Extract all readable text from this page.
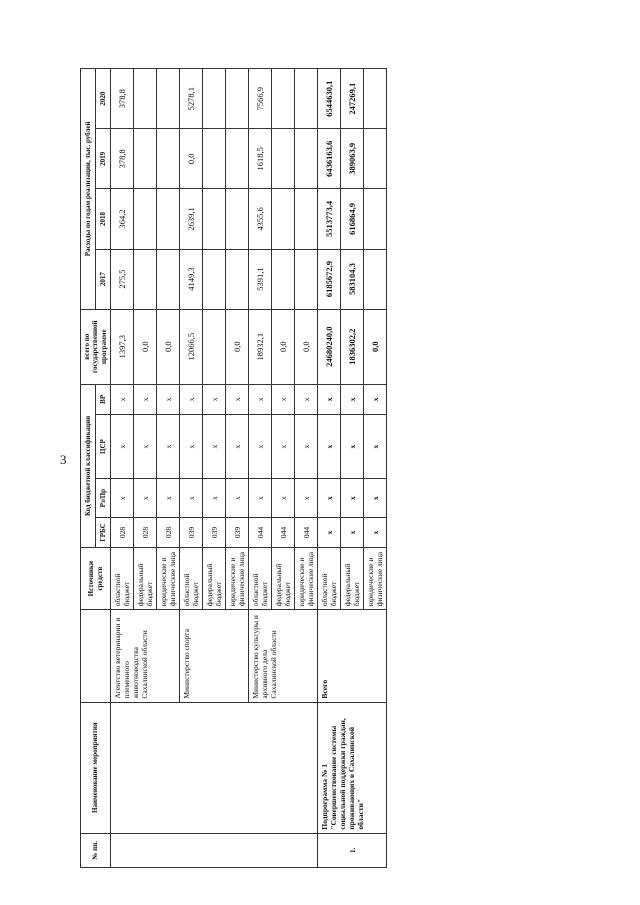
3
№ пп.	Наименование мероприятия		Источники средств	Код бюджетной классификации				всего по государственной программе	Расходы по годам реализации, тыс. рублей			
				ГРБС	Рз/Пр	ЦСР	ВР		2017	2018	2019	2020
		Агентство ветеринарии и племенного животноводства Сахалинской области	областной бюджет	028	x	x	x	1397,3	275,5	364,2	378,8	378,8
			федеральный бюджет	028	x	x	x	0,0				
			юридические и физические лица	028	x	x	x	0,0				
		Министерство спорта	областной бюджет	039	x	x	x	12066,5	4149,3	2639,1	0,0	5278,1
			федеральный бюджет	039	x	x	x					
			юридические и физические лица	039	x	x	x	0,0				
		Министерство культуры и архивного дела Сахалинской области	областной бюджет	044	x	x	x	18932,1	5391,1	4355,6	1618,5	7566,9
			федеральный бюджет	044	x	x	x	0,0				
			юридические и физические лица	044	x	x	x	0,0				
1.	Подпрограмма № 1 "Совершенствование системы социальной поддержки граждан, проживающих в Сахалинской области"	Всего	областной бюджет	x	x	x	x	24680240,0	6185672,9	5513773,4	6436163,6	6544630,1
			федеральный бюджет	x	x	x	x	1836302,2	583104,3	616864,9	389063,9	247269,1
			юридические и физические лица	x	x	x	x	0,0				
